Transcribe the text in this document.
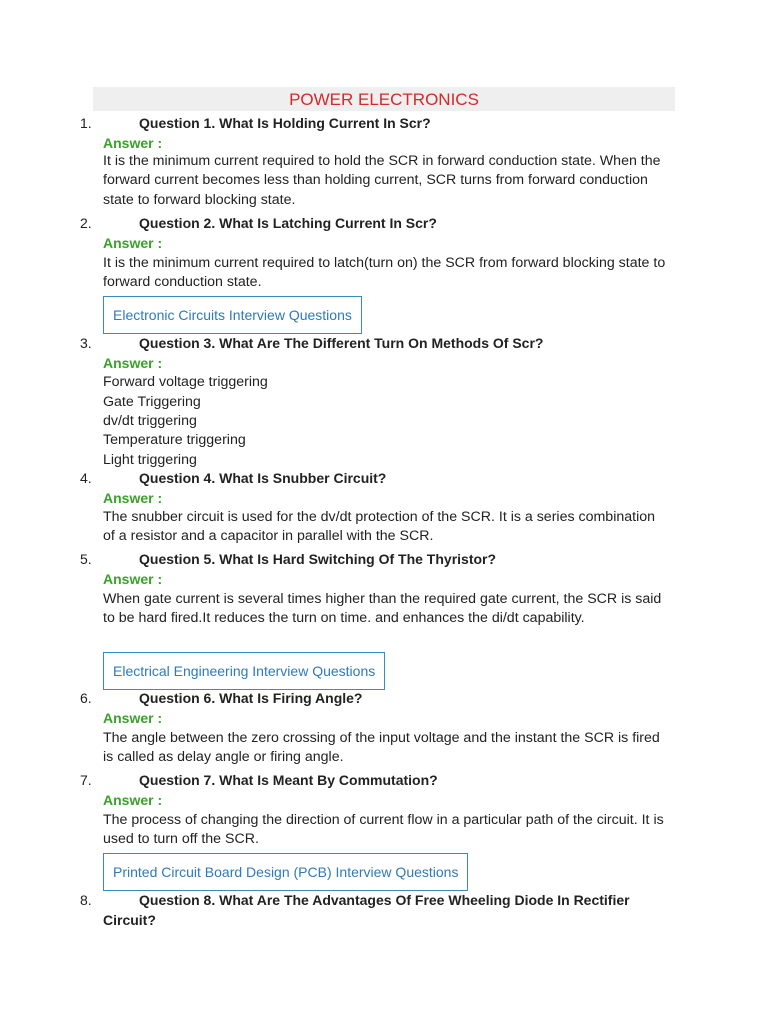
POWER ELECTRONICS
1.	Question 1. What Is Holding Current In Scr?
Answer :
It is the minimum current required to hold the SCR in forward conduction state. When the forward current becomes less than holding current, SCR turns from forward conduction state to forward blocking state.
2.	Question 2. What Is Latching Current In Scr?
Answer :
It is the minimum current required to latch(turn on) the SCR from forward blocking state to forward conduction state.
Electronic Circuits Interview Questions
3.	Question 3. What Are The Different Turn On Methods Of Scr?
Answer :
Forward voltage triggering
Gate Triggering
dv/dt triggering
Temperature triggering
Light triggering
4.	Question 4. What Is Snubber Circuit?
Answer :
The snubber circuit is used for the dv/dt protection of the SCR. It is a series combination of a resistor and a capacitor in parallel with the SCR.
5.	Question 5. What Is Hard Switching Of The Thyristor?
Answer :
When gate current is several times higher than the required gate current, the SCR is said to be hard fired.It reduces the turn on time. and enhances the di/dt capability.
Electrical Engineering Interview Questions
6.	Question 6. What Is Firing Angle?
Answer :
The angle between the zero crossing of the input voltage and the instant the SCR is fired is called as delay angle or firing angle.
7.	Question 7. What Is Meant By Commutation?
Answer :
The process of changing the direction of current flow in a particular path of the circuit. It is used to turn off the SCR.
Printed Circuit Board Design (PCB) Interview Questions
8.	Question 8. What Are The Advantages Of Free Wheeling Diode In Rectifier
Circuit?
